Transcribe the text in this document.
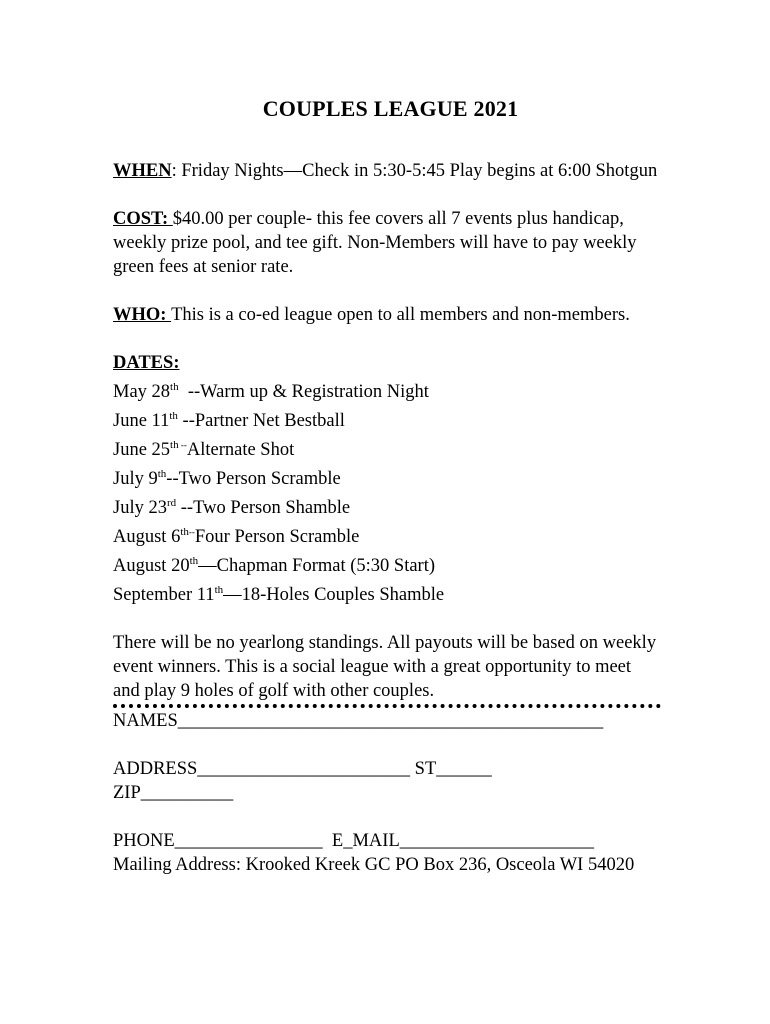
COUPLES LEAGUE 2021

WHEN: Friday Nights—Check in 5:30-5:45 Play begins at 6:00 Shotgun

COST: $40.00 per couple- this fee covers all 7 events plus handicap, weekly prize pool, and tee gift. Non-Members will have to pay weekly green fees at senior rate.

WHO: This is a co-ed league open to all members and non-members.

DATES:
May 28th  --Warm up & Registration Night
June 11th --Partner Net Bestball
June 25th --Alternate Shot
July 9th--Two Person Scramble
July 23rd --Two Person Shamble
August $6^{th--}Four$ Person Scramble
August 20th—Chapman Format (5:30 Start)
September 11th—18-Holes Couples Shamble

There will be no yearlong standings. All payouts will be based on weekly event winners. This is a social league with a great opportunity to meet and play 9 holes of golf with other couples.

NAMES______________________________________________
ADDRESS_______________________ ST______
ZIP__________
PHONE________________  E_MAIL_____________________

Mailing Address: Krooked Kreek GC PO Box 236, Osceola WI 54020
